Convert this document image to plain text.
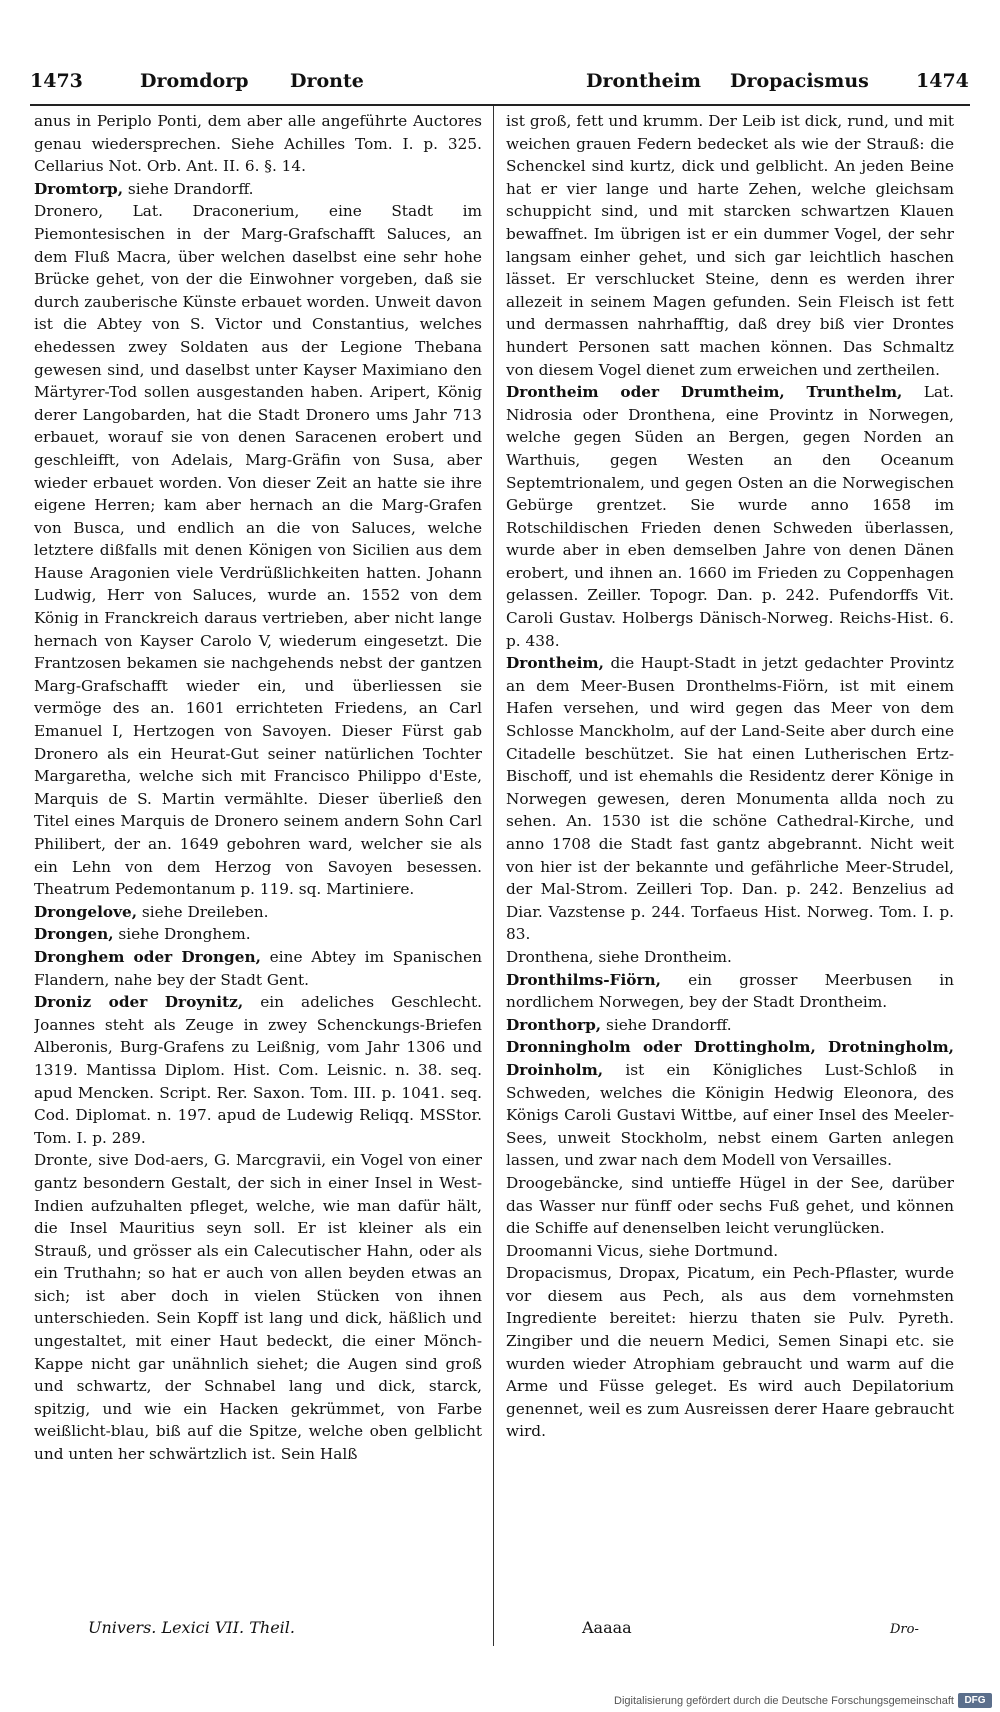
1473	Dromdorp Dronte	Drontheim Dropacismus 1474

anus in Periplo Ponti, dem aber alle angeführte Auctores genau wiedersprechen. Siehe Achilles Tom. I. p. 325. Cellarius Not. Orb. Ant. II. 6. §. 14.

Dromtorp, siehe Drandorff.

Dronero, Lat. Draconerium, eine Stadt im Piemontesischen in der Marg-Grafschafft Saluces, an dem Fluß Macra, über welchen daselbst eine sehr hohe Brücke gehet, von der die Einwohner vorgeben, daß sie durch zauberische Künste erbauet worden. Unweit davon ist die Abtey von S. Victor und Constantius, welches ehedessen zwey Soldaten aus der Legione Thebana gewesen sind, und daselbst unter Kayser Maximiano den Märtyrer-Tod sollen ausgestanden haben. Aripert, König derer Langobarden, hat die Stadt Dronero ums Jahr 713 erbauet, worauf sie von denen Saracenen erobert und geschleifft, von Adelais, Marg-Gräfin von Susa, aber wieder erbauet worden. Von dieser Zeit an hatte sie ihre eigene Herren; kam aber hernach an die Marg-Grafen von Busca, und endlich an die von Saluces, welche letztere dißfalls mit denen Königen von Sicilien aus dem Hause Aragonien viele Verdrüßlichkeiten hatten. Johann Ludwig, Herr von Saluces, wurde an. 1552 von dem König in Franckreich daraus vertrieben, aber nicht lange hernach von Kayser Carolo V, wiederum eingesetzt. Die Frantzosen bekamen sie nachgehends nebst der gantzen Marg-Grafschafft wieder ein, und überliessen sie vermöge des an. 1601 errichteten Friedens, an Carl Emanuel I, Hertzogen von Savoyen. Dieser Fürst gab Dronero als ein Heurat-Gut seiner natürlichen Tochter Margaretha, welche sich mit Francisco Philippo d'Este, Marquis de S. Martin vermählte. Dieser überließ den Titel eines Marquis de Dronero seinem andern Sohn Carl Philibert, der an. 1649 gebohren ward, welcher sie als ein Lehn von dem Herzog von Savoyen besessen. Theatrum Pedemontanum p. 119. sq. Martiniere.

Drongelove, siehe Dreileben.

Drongen, siehe Dronghem.

Dronghem oder Drongen, eine Abtey im Spanischen Flandern, nahe bey der Stadt Gent.

Droniz oder Droynitz, ein adeliches Geschlecht. Joannes steht als Zeuge in zwey Schenckungs-Briefen Alberonis, Burg-Grafens zu Leißnig, vom Jahr 1306 und 1319. Mantissa Diplom. Hist. Com. Leisnic. n. 38. seq. apud Mencken. Script. Rer. Saxon. Tom. III. p. 1041. seq. Cod. Diplomat. n. 197. apud de Ludewig Reliqq. MSStor. Tom. I. p. 289.

Dronte, sive Dod-aers, G. Marcgravii, ein Vogel von einer gantz besondern Gestalt, der sich in einer Insel in West-Indien aufzuhalten pfleget, welche, wie man dafür hält, die Insel Mauritius seyn soll. Er ist kleiner als ein Strauß, und grösser als ein Calecutischer Hahn, oder als ein Truthahn; so hat er auch von allen beyden etwas an sich; ist aber doch in vielen Stücken von ihnen unterschieden. Sein Kopff ist lang und dick, häßlich und ungestaltet, mit einer Haut bedeckt, die einer Mönch-Kappe nicht gar unähnlich siehet; die Augen sind groß und schwartz, der Schnabel lang und dick, starck, spitzig, und wie ein Hacken gekrümmet, von Farbe weißlicht-blau, biß auf die Spitze, welche oben gelblicht und unten her schwärtzlich ist. Sein Halß

ist groß, fett und krumm. Der Leib ist dick, rund, und mit weichen grauen Federn bedecket als wie der Strauß: die Schenckel sind kurtz, dick und gelblicht. An jeden Beine hat er vier lange und harte Zehen, welche gleichsam schuppicht sind, und mit starcken schwartzen Klauen bewaffnet. Im übrigen ist er ein dummer Vogel, der sehr langsam einher gehet, und sich gar leichtlich haschen lässet. Er verschlucket Steine, denn es werden ihrer allezeit in seinem Magen gefunden. Sein Fleisch ist fett und dermassen nahrhafftig, daß drey biß vier Drontes hundert Personen satt machen können. Das Schmaltz von diesem Vogel dienet zum erweichen und zertheilen.

Drontheim oder Drumtheim, Trunthelm, Lat. Nidrosia oder Dronthena, eine Provintz in Norwegen, welche gegen Süden an Bergen, gegen Norden an Warthuis, gegen Westen an den Oceanum Septemtrionalem, und gegen Osten an die Norwegischen Gebürge grentzet. Sie wurde anno 1658 im Rotschildischen Frieden denen Schweden überlassen, wurde aber in eben demselben Jahre von denen Dänen erobert, und ihnen an. 1660 im Frieden zu Coppenhagen gelassen. Zeiller. Topogr. Dan. p. 242. Pufendorffs Vit. Caroli Gustav. Holbergs Dänisch-Norweg. Reichs-Hist. 6. p. 438.

Drontheim, die Haupt-Stadt in jetzt gedachter Provintz an dem Meer-Busen Dronthelms-Fiörn, ist mit einem Hafen versehen, und wird gegen das Meer von dem Schlosse Manckholm, auf der Land-Seite aber durch eine Citadelle beschützet. Sie hat einen Lutherischen Ertz-Bischoff, und ist ehemahls die Residentz derer Könige in Norwegen gewesen, deren Monumenta allda noch zu sehen. An. 1530 ist die schöne Cathedral-Kirche, und anno 1708 die Stadt fast gantz abgebrannt. Nicht weit von hier ist der bekannte und gefährliche Meer-Strudel, der Mal-Strom. Zeilleri Top. Dan. p. 242. Benzelius ad Diar. Vazstense p. 244. Torfaeus Hist. Norweg. Tom. I. p. 83.

Dronthena, siehe Drontheim.

Dronthilms-Fiörn, ein grosser Meerbusen in nordlichem Norwegen, bey der Stadt Drontheim.

Dronthorp, siehe Drandorff.

Dronningholm oder Drottingholm, Drotningholm, Droinholm, ist ein Königliches Lust-Schloß in Schweden, welches die Königin Hedwig Eleonora, des Königs Caroli Gustavi Wittbe, auf einer Insel des Meeler-Sees, unweit Stockholm, nebst einem Garten anlegen lassen, und zwar nach dem Modell von Versailles.

Droogebäncke, sind untieffe Hügel in der See, darüber das Wasser nur fünff oder sechs Fuß gehet, und können die Schiffe auf denenselben leicht verunglücken.

Droomanni Vicus, siehe Dortmund.

Dropacismus, Dropax, Picatum, ein Pech-Pflaster, wurde vor diesem aus Pech, als aus dem vornehmsten Ingrediente bereitet: hierzu thaten sie Pulv. Pyreth. Zingiber und die neuern Medici, Semen Sinapi etc. sie wurden wieder Atrophiam gebraucht und warm auf die Arme und Füsse geleget. Es wird auch Depilatorium genennet, weil es zum Ausreissen derer Haare gebraucht wird.

Univers. Lexici VII. Theil.	Aaaaa	Dro-
Digitalisierung gefördert durch die Deutsche Forschungsgemeinschaft	DFG
